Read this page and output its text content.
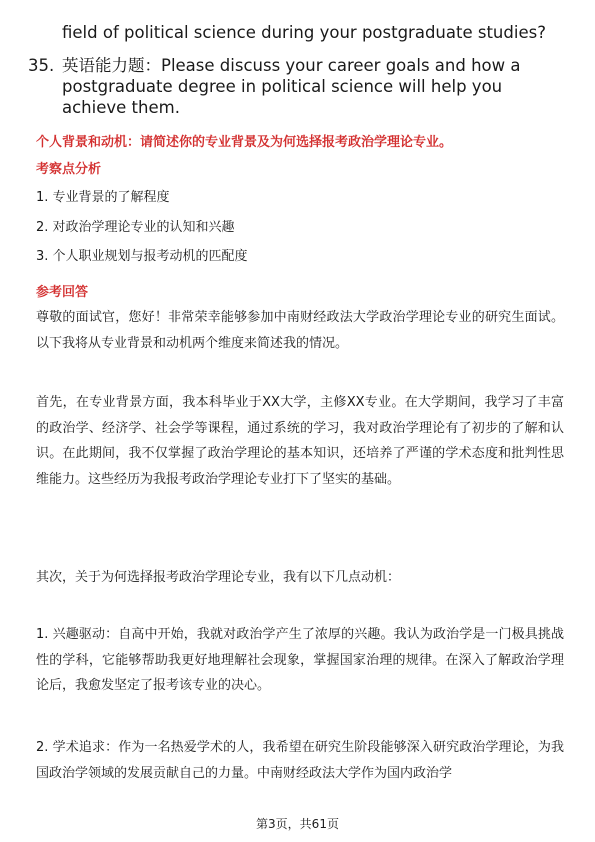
field of political science during your postgraduate studies?
35. 英语能力题：Please discuss your career goals and how a postgraduate degree in political science will help you achieve them.
个人背景和动机：请简述你的专业背景及为何选择报考政治学理论专业。
考察点分析
1. 专业背景的了解程度
2. 对政治学理论专业的认知和兴趣
3. 个人职业规划与报考动机的匹配度
参考回答
尊敬的面试官，您好！非常荣幸能够参加中南财经政法大学政治学理论专业的研究生面试。以下我将从专业背景和动机两个维度来简述我的情况。
首先，在专业背景方面，我本科毕业于XX大学，主修XX专业。在大学期间，我学习了丰富的政治学、经济学、社会学等课程，通过系统的学习，我对政治学理论有了初步的了解和认识。在此期间，我不仅掌握了政治学理论的基本知识，还培养了严谨的学术态度和批判性思维能力。这些经历为我报考政治学理论专业打下了坚实的基础。
其次，关于为何选择报考政治学理论专业，我有以下几点动机：
1. 兴趣驱动：自高中开始，我就对政治学产生了浓厚的兴趣。我认为政治学是一门极具挑战性的学科，它能够帮助我更好地理解社会现象，掌握国家治理的规律。在深入了解政治学理论后，我愈发坚定了报考该专业的决心。
2. 学术追求：作为一名热爱学术的人，我希望在研究生阶段能够深入研究政治学理论，为我国政治学领域的发展贡献自己的力量。中南财经政法大学作为国内政治学
第3页，共61页
